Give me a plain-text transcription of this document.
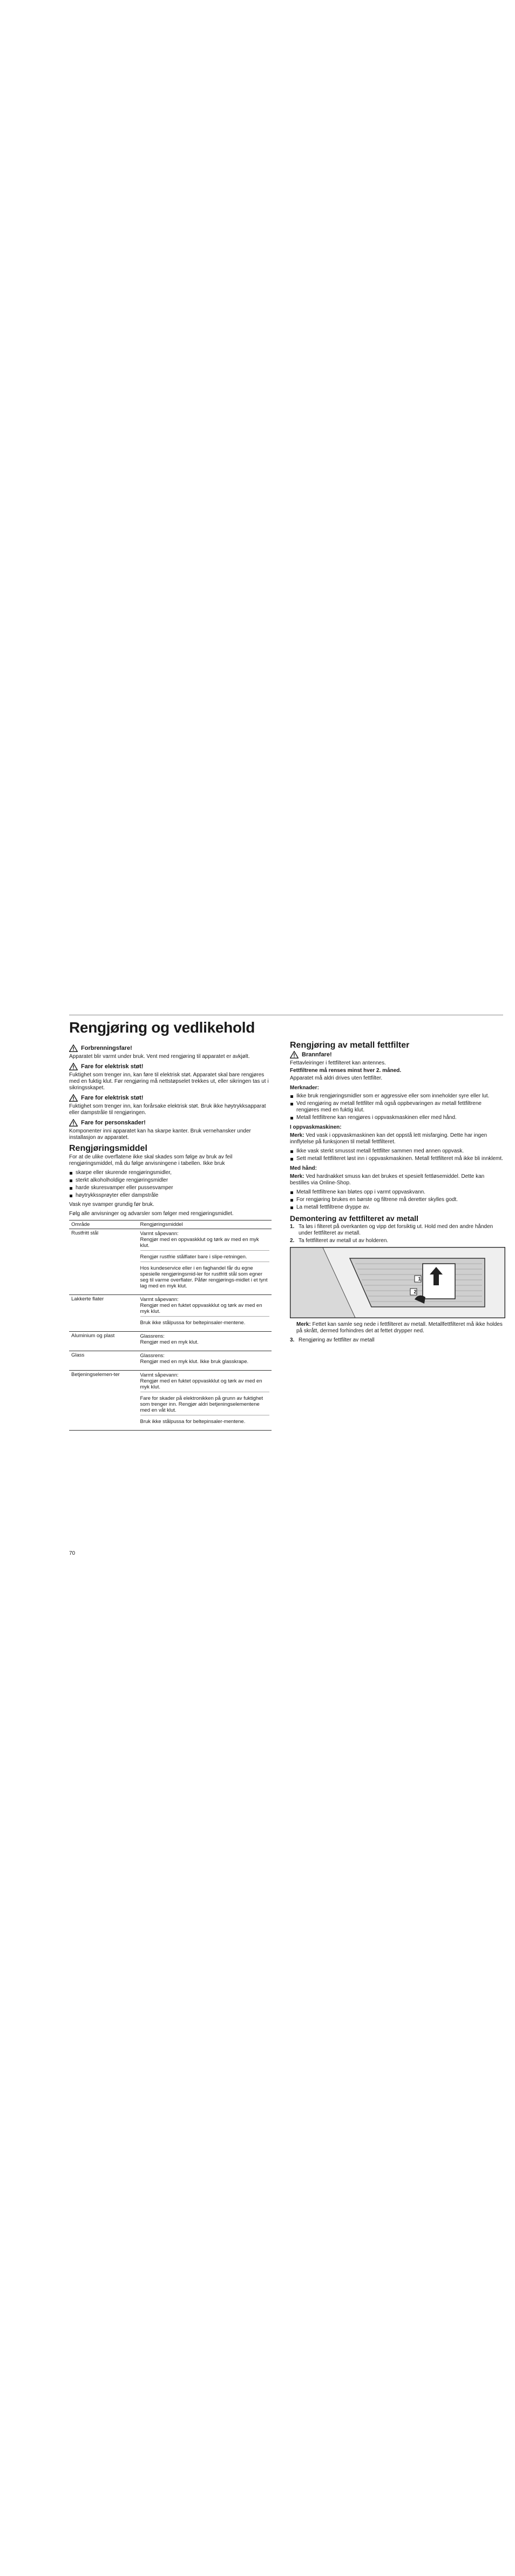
Rengjøring og vedlikehold
Forbrenningsfare!

Apparatet blir varmt under bruk. Vent med rengjøring til apparatet er avkjølt.

Fare for elektrisk støt!

Fuktighet som trenger inn, kan føre til elektrisk støt. Apparatet skal bare rengjøres med en fuktig klut. Før rengjøring må nettstøpselet trekkes ut, eller sikringen tas ut i sikringsskapet.

Fare for elektrisk støt!

Fuktighet som trenger inn, kan forårsake elektrisk støt. Bruk ikke høytrykksapparat eller dampstråle til rengjøringen.

Fare for personskader!

Komponenter inni apparatet kan ha skarpe kanter. Bruk vernehansker under installasjon av apparatet.

Rengjøringsmiddel

For at de ulike overflatene ikke skal skades som følge av bruk av feil rengjøringsmiddel, må du følge anvisningene i tabellen. Ikke bruk

skarpe eller skurende rengjøringsmidler,
sterkt alkoholholdige rengjøringsmidler
harde skuresvamper eller pussesvamper
høytrykkssprøyter eller dampstråle

Vask nye svamper grundig før bruk.

Følg alle anvisninger og advarsler som følger med rengjøringsmidlet.

Område	Rengjøringsmiddel
Rustfritt stål	Varmt såpevann:
Rengjør med en oppvaskklut og tørk av med en myk klut.

Rengjør rustfrie stålflater bare i slipe-retningen.

Hos kundeservice eller i en faghandel får du egne spesielle rengjøringsmid-ler for rustfritt stål som egner seg til varme overflater. Påfør rengjørings-midlet i et tynt lag med en myk klut.

Lakkerte flater	Varmt såpevann:
Rengjør med en fuktet oppvaskklut og tørk av med en myk klut.

Bruk ikke stålpussa for beltepinsaler-mentene.

Aluminium og plast	Glassrens:
Rengjør med en myk klut.

Glass	Glassrens:
Rengjør med en myk klut. Ikke bruk glasskrape.

Betjeningselemen-ter	Varmt såpevann:
Rengjør med en fuktet oppvaskklut og tørk av med en myk klut.

Fare for skader på elektronikken på grunn av fuktighet som trenger inn. Rengjør aldri betjeningselementene med en våt klut.

Bruk ikke stålpussa for beltepinsaler-mentene.

Rengjøring av metall fettfilter
Brannfare!

Fettavleiringer i fettfilteret kan antennes.

Fettfiltrene må renses minst hver 2. måned.

Apparatet må aldri drives uten fettfilter.

Merknader:
Ikke bruk rengjøringsmidler som er aggressive eller som inneholder syre eller lut.
Ved rengjøring av metall fettfilter må også oppbevaringen av metall fettfiltrene rengjøres med en fuktig klut.
Metall fettfiltrene kan rengjøres i oppvaskmaskinen eller med hånd.
I oppvaskmaskinen:

Merk: Ved vask i oppvaskmaskinen kan det oppstå lett misfarging. Dette har ingen innflytelse på funksjonen til metall fettfilteret.

Ikke vask sterkt smussst metall fettfilter sammen med annen oppvask.
Sett metall fettfilteret løst inn i oppvaskmaskinen. Metall fettfilteret må ikke bli innklemt.
Med hånd:

Merk: Ved hardnakket smuss kan det brukes et spesielt fettløsemiddel. Dette kan bestilles via Online-Shop.

Metall fettfiltrene kan bløtes opp i varmt oppvaskvann.
For rengjøring brukes en børste og filtrene må deretter skylles godt.
La metall fettfiltrene dryppe av.
Demontering av fettfilteret av metall
1. Ta løs i filteret på overkanten og vipp det forsiktig ut. Hold med den andre hånden under fettfilteret av metall.
2. Ta fettfilteret av metall ut av holderen.
1
2

Merk: Fettet kan samle seg nede i fettfilteret av metall. Metallfettfilteret må ikke holdes på skrått, dermed forhindres det at fettet drypper ned.

3. Rengjøring av fettfilter av metall
70
